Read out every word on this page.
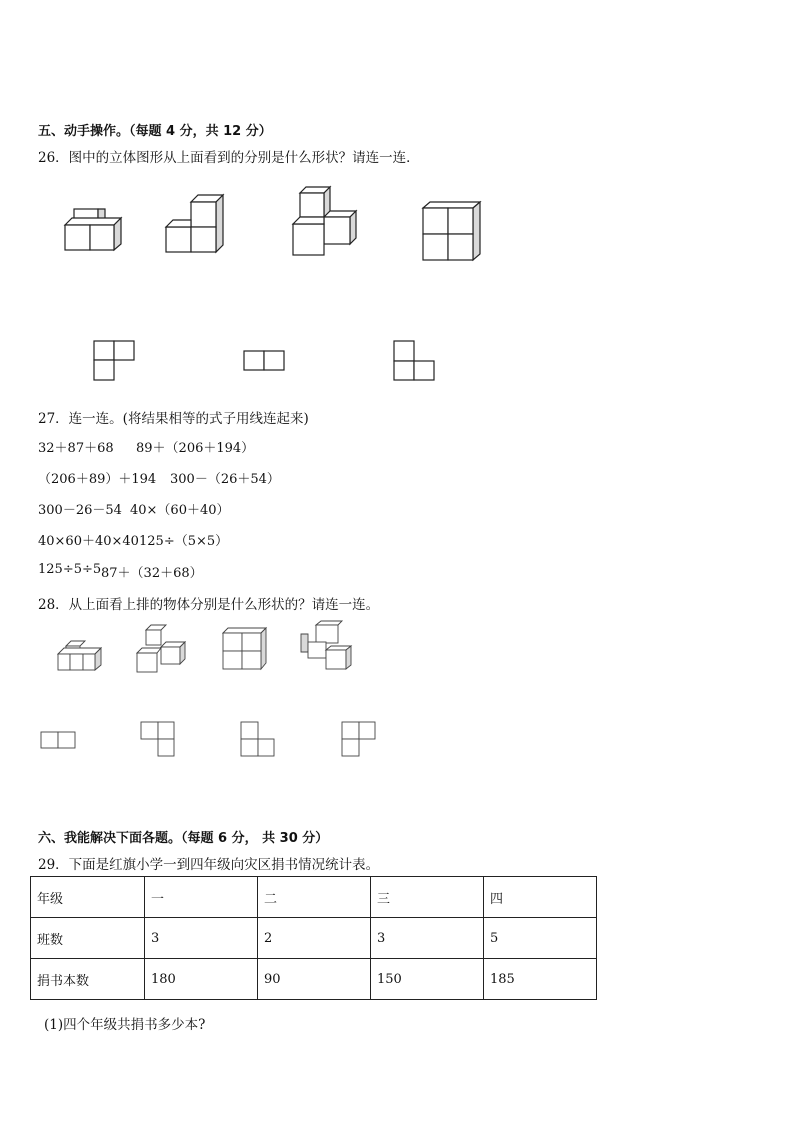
五、动手操作。（每题 4 分，共 12 分）
26．图中的立体图形从上面看到的分别是什么形状？请连一连．
27．连一连。(将结果相等的式子用线连起来)
32＋87＋68 89＋（206＋194）
（206＋89）＋194 300－（26＋54）
300－26－54 40×（60＋40）
40×60＋40×40 125÷（5×5）
125÷5÷5 87＋（32＋68）
28．从上面看上排的物体分别是什么形状的？请连一连。
六、我能解决下面各题。（每题 6 分， 共 30 分）
29．下面是红旗小学一到四年级向灾区捐书情况统计表。
年级	一	二	三	四
班数	3	2	3	5
捐书本数	180	90	150	185
(1)四个年级共捐书多少本?
